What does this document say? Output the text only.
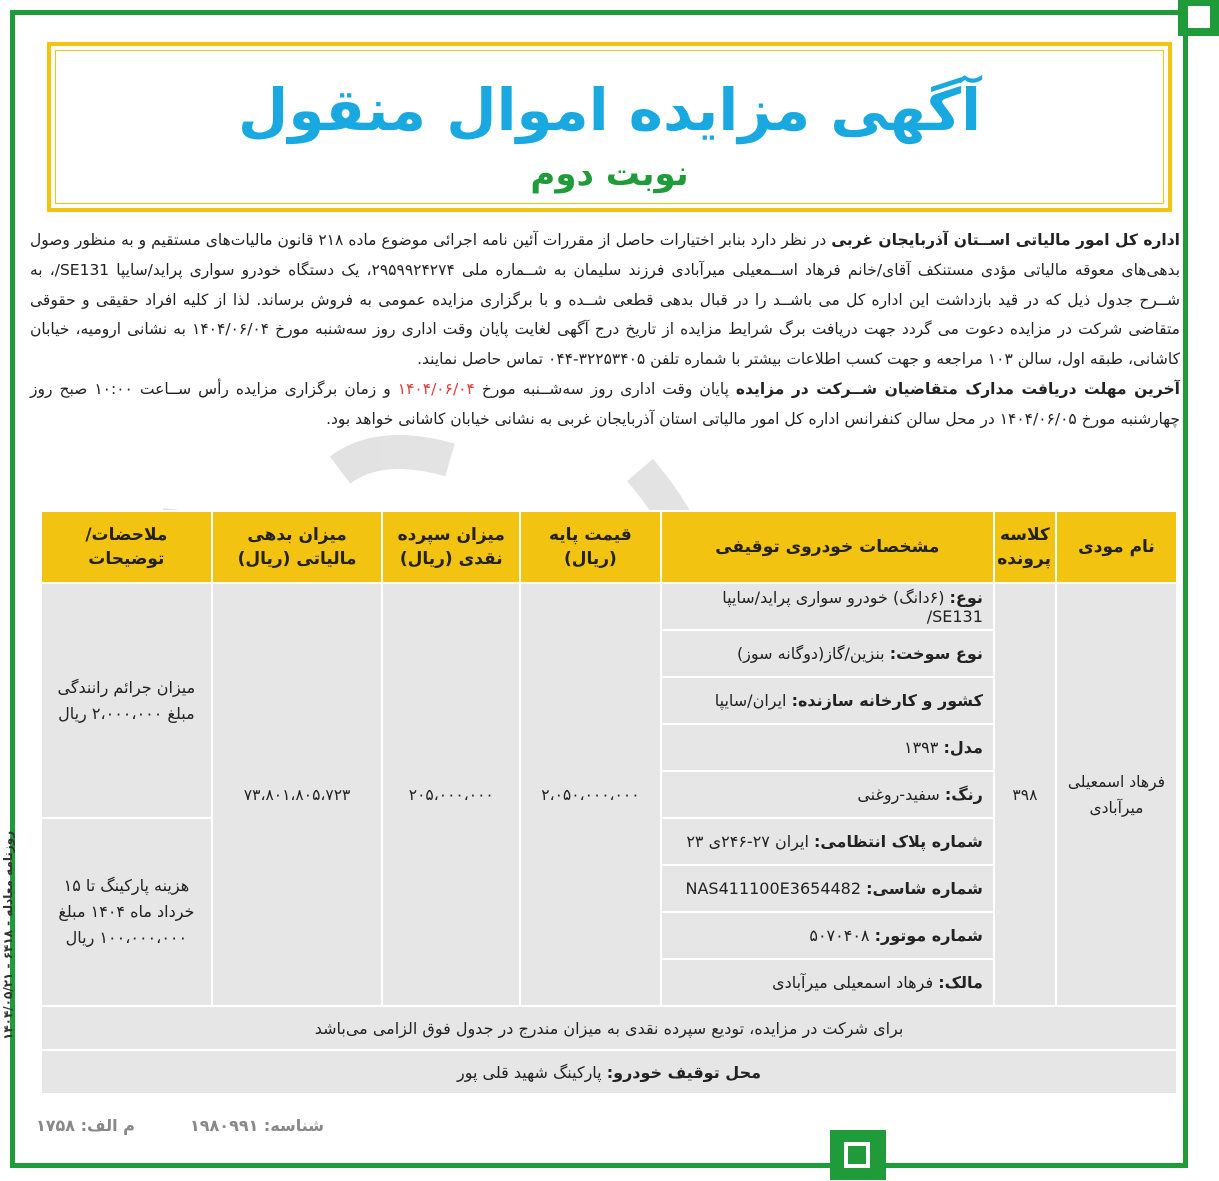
روزنامه معادله - ۶۴۱۸ - ۱۴۰۴/۰۵/۲۱
آگهی مزایده اموال منقول
نوبت دوم

اداره کل امور مالیاتی اســتان آذربایجان غربی در نظر دارد بنابر اختیارات حاصل از مقررات آئین نامه اجرائی موضوع ماده ۲۱۸ قانون مالیات‌های مستقیم و به منظور وصول بدهی‌های معوقه مالیاتی مؤدی مستنکف آقای/خانم فرهاد اســمعیلی میرآبادی فرزند سلیمان به شــماره ملی ۲۹۵۹۹۲۴۲۷۴، یک دستگاه خودرو سواری پراید/سایپا SE131/، به شــرح جدول ذیل که در قید بازداشت این اداره کل می باشــد را در قبال بدهی قطعی شــده و با برگزاری مزایده عمومی به فروش برساند. لذا از کلیه افراد حقیقی و حقوقی متقاضی شرکت در مزایده دعوت می گردد جهت دریافت برگ شرایط مزایده از تاریخ درج آگهی لغایت پایان وقت اداری روز سه‌شنبه مورخ ۱۴۰۴/۰۶/۰۴ به نشانی ارومیه، خیابان کاشانی، طبقه اول، سالن ۱۰۳ مراجعه و جهت کسب اطلاعات بیشتر با شماره تلفن ۳۲۲۵۳۴۰۵-۰۴۴ تماس حاصل نمایند.

آخرین مهلت دریافت مدارک متقاضیان شــرکت در مزایده پایان وقت اداری روز سه‌شــنبه مورخ ۱۴۰۴/۰۶/۰۴ و زمان برگزاری مزایده رأس ســاعت ۱۰:۰۰ صبح روز چهارشنبه مورخ ۱۴۰۴/۰۶/۰۵ در محل سالن کنفرانس اداره کل امور مالیاتی استان آذربایجان غربی به نشانی خیابان کاشانی خواهد بود.

نام مودی	کلاسه پرونده	مشخصات خودروی توقیفی	قیمت پایه (ریال)	میزان سپرده نقدی (ریال)	میزان بدهی مالیاتی (ریال)	ملاحضات/ توضیحات
فرهاد اسمعیلی میرآبادی	۳۹۸	نوع: (۶دانگ) خودرو سواری پراید/سایپا SE131/	۲،۰۵۰،۰۰۰،۰۰۰	۲۰۵،۰۰۰،۰۰۰	۷۳،۸۰۱،۸۰۵،۷۲۳	میزان جرائم رانندگی مبلغ ۲،۰۰۰،۰۰۰ ریال
		نوع سوخت: بنزین/گاز(دوگانه سوز)				
		کشور و کارخانه سازنده: ایران/سایپا				
		مدل: ۱۳۹۳				
		رنگ: سفید-روغنی				
		شماره پلاک انتظامی: ایران ۲۷-۲۴۶ی ۲۳				هزینه پارکینگ تا ۱۵ خرداد ماه ۱۴۰۴ مبلغ ۱۰۰،۰۰۰،۰۰۰ ریال
		شماره شاسی: NAS411100E3654482				
		شماره موتور: ۵۰۷۰۴۰۸				
		مالک: فرهاد اسمعیلی میرآبادی				
برای شرکت در مزایده، تودیع سپرده نقدی به میزان مندرج در جدول فوق الزامی می‌باشد						
محل توقیف خودرو: پارکینگ شهید قلی پور						
شناسه: ۱۹۸۰۹۹۱
م الف: ۱۷۵۸
